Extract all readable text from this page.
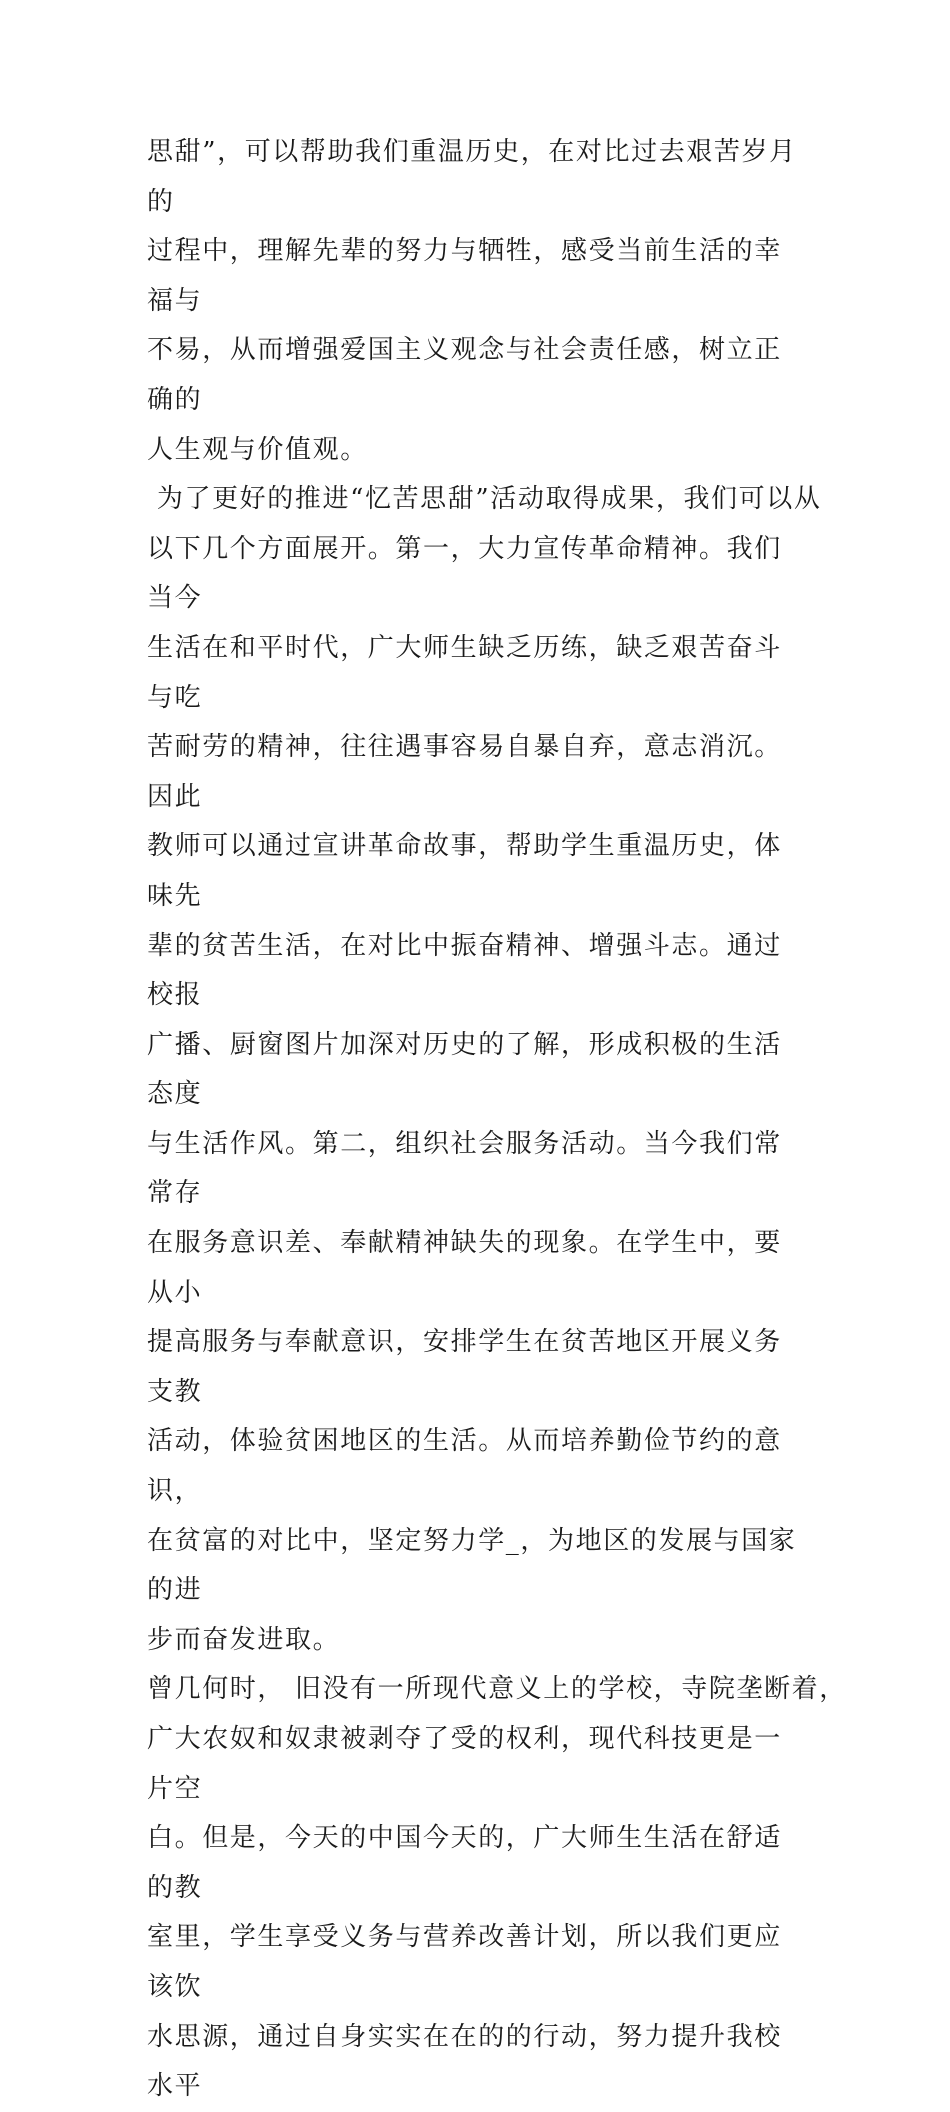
思甜”，可以帮助我们重温历史，在对比过去艰苦岁月的
过程中，理解先辈的努力与牺牲，感受当前生活的幸福与
不易，从而增强爱国主义观念与社会责任感，树立正确的
人生观与价值观。
为了更好的推进“忆苦思甜”活动取得成果，我们可以从
以下几个方面展开。第一，大力宣传革命精神。我们当今
生活在和平时代，广大师生缺乏历练，缺乏艰苦奋斗与吃
苦耐劳的精神，往往遇事容易自暴自弃，意志消沉。因此
教师可以通过宣讲革命故事，帮助学生重温历史，体味先
辈的贫苦生活，在对比中振奋精神、增强斗志。通过校报
广播、厨窗图片加深对历史的了解，形成积极的生活态度
与生活作风。第二，组织社会服务活动。当今我们常常存
在服务意识差、奉献精神缺失的现象。在学生中，要从小
提高服务与奉献意识，安排学生在贫苦地区开展义务支教
活动，体验贫困地区的生活。从而培养勤俭节约的意识，
在贫富的对比中，坚定努力学_，为地区的发展与国家的进
步而奋发进取。
曾几何时， 旧没有一所现代意义上的学校，寺院垄断着，
广大农奴和奴隶被剥夺了受的权利，现代科技更是一片空
白。但是，今天的中国今天的，广大师生生活在舒适的教
室里，学生享受义务与营养改善计划，所以我们更应该饮
水思源，通过自身实实在在的的行动，努力提升我校水平
